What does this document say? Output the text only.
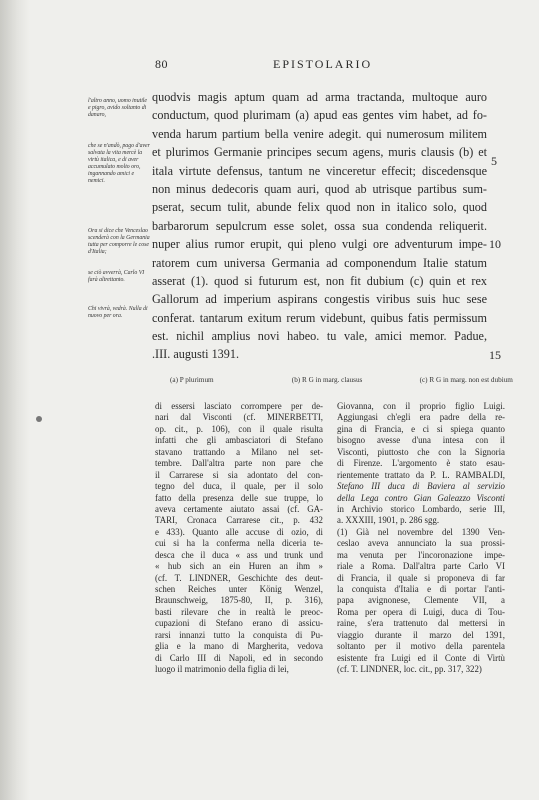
80	EPISTOLARIO
l'altro anno, uomo inutile e pigro, avido soltanto di danaro,
che se n'andò, pago d'aver salvata la vita mercè la virtù italica, e di aver accumulato molto oro, ingannando amici e nemici.
Ora si dice che Venceslao scenderà con la Germania tutta per comporre le cose d'Italia;
se ciò avverrà, Carlo VI farà altrettanto.
Chi vivrà, vedrà. Nulla di nuovo per ora.
quodvis magis aptum quam ad arma tractanda, multoque auro
conductum, quod plurimam (a) apud eas gentes vim habet, ad fo-
venda harum partium bella venire adegit. qui numerosum militem
et plurimos Germanie principes secum agens, muris clausis (b) et
itala virtute defensus, tantum ne vinceretur effecit; discedensque
non minus dedecoris quam auri, quod ab utrisque partibus sum-
pserat, secum tulit, abunde felix quod non in italico solo, quod
barbarorum sepulcrum esse solet, ossa sua condenda reliquerit.
nuper alius rumor erupit, qui pleno vulgi ore adventurum impe-
ratorem cum universa Germania ad componendum Italie statum
asserat (1). quod si futurum est, non fit dubium (c) quin et rex
Gallorum ad imperium aspirans congestis viribus suis huc sese
conferat. tantarum exitum rerum videbunt, quibus fatis permissum
est. nichil amplius novi habeo. tu vale, amici memor. Padue,
.III. augusti 1391.
5
10
15
(a) P plurimum	(b) R G in marg. clausus	(c) R G in marg. non est dubium
di essersi lasciato corrompere per de-
nari dal Visconti (cf. MINERBETTI,
op. cit., p. 106), con il quale risulta
infatti che gli ambasciatori di Stefano
stavano trattando a Milano nel set-
tembre. Dall'altra parte non pare che
il Carrarese si sia adontato del con-
tegno del duca, il quale, per il solo
fatto della presenza delle sue truppe, lo
aveva certamente aiutato assai (cf. GA-
TARI, Cronaca Carrarese cit., p. 432
e 433). Quanto alle accuse di ozio, di
cui si ha la conferma nella diceria te-
desca che il duca « ass und trunk und
« hub sich an ein Huren an ihm »
(cf. T. LINDNER, Geschichte des deut-
schen Reiches unter König Wenzel,
Braunschweig, 1875-80, II, p. 316),
basti rilevare che in realtà le preoc-
cupazioni di Stefano erano di assicu-
rarsi innanzi tutto la conquista di Pu-
glia e la mano di Margherita, vedova
di Carlo III di Napoli, ed in secondo
luogo il matrimonio della figlia di lei,
Giovanna, con il proprio figlio Luigi.
Aggiungasi ch'egli era padre della re-
gina di Francia, e ci si spiega quanto
bisogno avesse d'una intesa con il
Visconti, piuttosto che con la Signoria
di Firenze. L'argomento è stato esau-
rientemente trattato da P. L. RAMBALDI,
Stefano III duca di Baviera al servizio
della Lega contro Gian Galeazzo Visconti
in Archivio storico Lombardo, serie III,
a. XXXIII, 1901, p. 286 sgg.
(1) Già nel novembre del 1390 Ven-
ceslao aveva annunciato la sua prossi-
ma venuta per l'incoronazione impe-
riale a Roma. Dall'altra parte Carlo VI
di Francia, il quale si proponeva di far
la conquista d'Italia e di portar l'anti-
papa avignonese, Clemente VII, a
Roma per opera di Luigi, duca di Tou-
raine, s'era trattenuto dal mettersi in
viaggio durante il marzo del 1391,
soltanto per il motivo della parentela
esistente fra Luigi ed il Conte di Virtù
(cf. T. LINDNER, loc. cit., pp. 317, 322)
